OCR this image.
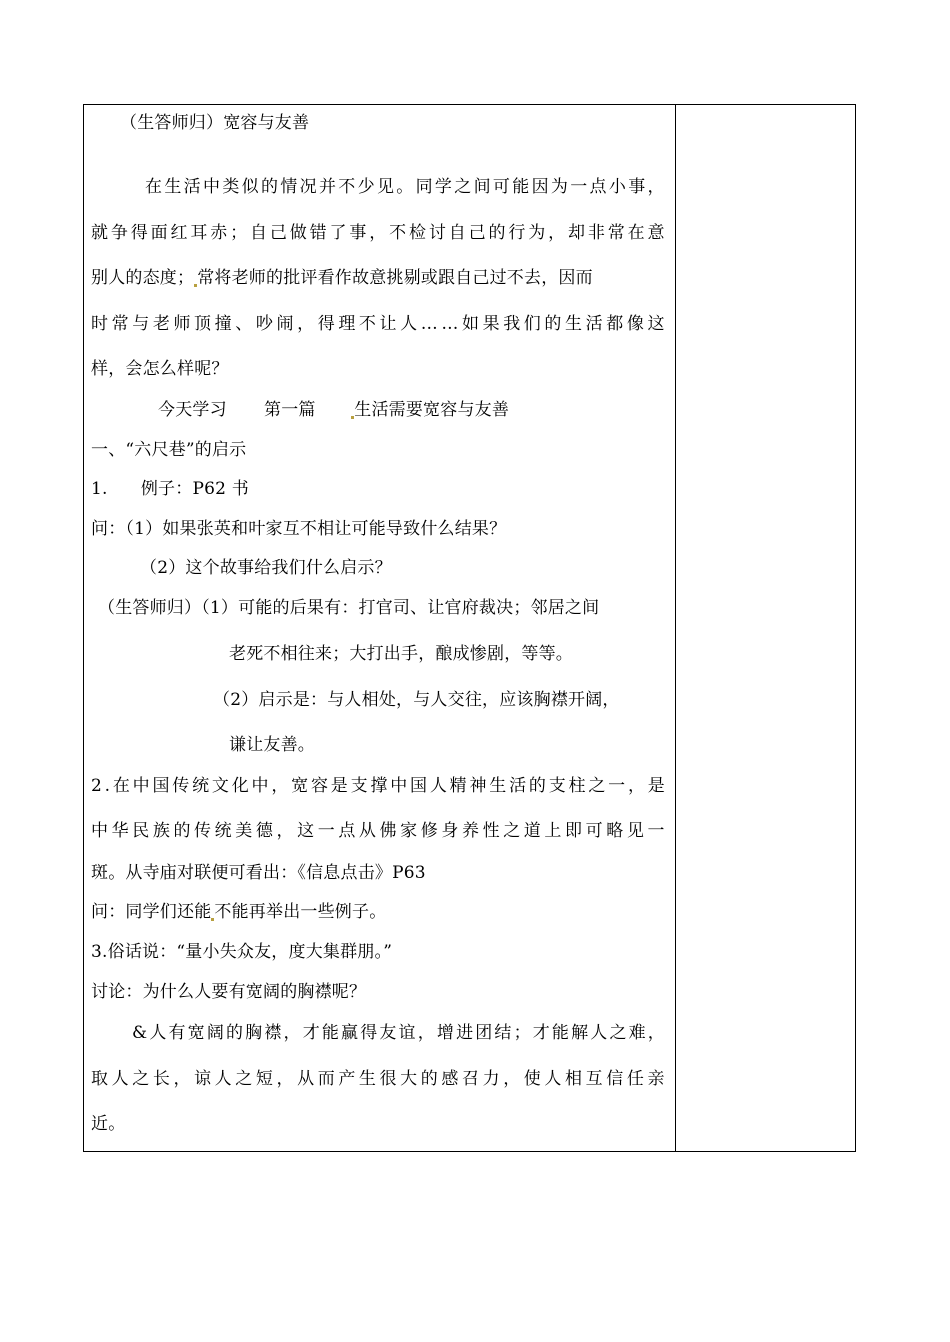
（生答师归）宽容与友善
在 生 活 中 类 似 的 情 况 并 不 少 见 。 同 学 之 间 可 能 因 为 一 点 小 事 ，
就 争 得 面 红 耳 赤 ； 自 己 做 错 了 事 ， 不 检 讨 自 己 的 行 为 ， 却 非 常 在 意
别人的态度； 常将老师的批评看作故意挑剔或跟自己过不去，因而
时 常 与 老 师 顶 撞 、 吵 闹 ， 得 理 不 让 人 … … 如 果 我 们 的 生 活 都 像 这
样，会怎么样呢？
今天学习 第一篇 生活需要宽容与友善
一、“六尺巷”的启示
1. 例子：P62 书
问：（1）如果张英和叶家互不相让可能导致什么结果？
（2）这个故事给我们什么启示？
（生答师归）（1）可能的后果有：打官司、让官府裁决；邻居之间
老死不相往来；大打出手，酿成惨剧，等等。
（2）启示是：与人相处，与人交往，应该胸襟开阔，
谦让友善。
2 . 在 中 国 传 统 文 化 中 ， 宽 容 是 支 撑 中 国 人 精 神 生 活 的 支 柱 之 一 ， 是
中 华 民 族 的 传 统 美 德 ， 这 一 点 从 佛 家 修 身 养 性 之 道 上 即 可 略 见 一
斑。从寺庙对联便可看出：《信息点击》P63
问：同学们还能 不能再举出一些例子。
3.俗话说：“量小失众友，度大集群朋。”
讨论：为什么人要有宽阔的胸襟呢？
& 人 有 宽 阔 的 胸 襟 ， 才 能 赢 得 友 谊 ， 增 进 团 结 ； 才 能 解 人 之 难 ，
取 人 之 长 ， 谅 人 之 短 ， 从 而 产 生 很 大 的 感 召 力 ， 使 人 相 互 信 任 亲
近。
